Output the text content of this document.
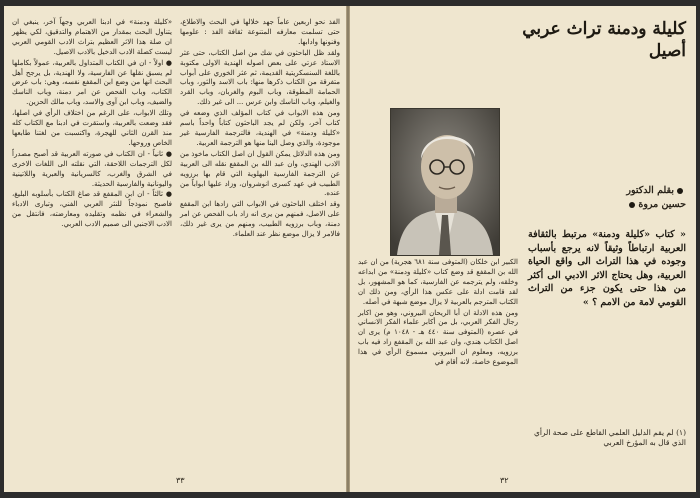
الفذ نحو اربعين عاماً جهد خلالها في البحث والاطلاع، حتى تسلمت معارفه المتنوعة ثقافة الفذ : علومها وفنونها وادابها.

ولقد ظل الباحثون في شك من اصل الكتاب، حتى عثر الاستاذ عزتي على بعض اصوله الهندية الاولى مكتوبة باللغة السنسكريتية القديمة، ثم عثر الخوري على أبواب متفرقة من الكتاب ذكرها منها: باب الاسد والثور، وباب الحمامة المطوقة، وباب البوم والغربان، وباب القرد والغيلم، وباب الناسك وابن عرس ... الى غير ذلك.

ومن هذه الابواب في كتاب المؤلف الذي وضعه في كتاب آخر، ولكن لم يجد الباحثون كتاباً واحداً باسم «كليلة ودمنة» في الهندية، فالترجمة الفارسية غير موجودة، والذي وصل الينا منها هو الترجمة العربية.

ومن هذه الدلائل يمكن القول ان اصل الكتاب ماخوذ من الادب الهندي، وان عبد الله بن المقفع نقله الى العربية عن الترجمة الفارسية البهلوية التي قام بها برزويه الطبيب في عهد كسرى انوشروان، وزاد عليها ابواباً من عنده.

وقد اختلف الباحثون في الابواب التي زادها ابن المقفع على الاصل، فمنهم من يرى انه زاد باب الفحص عن امر دمنة، وباب برزويه الطبيب، ومنهم من يرى غير ذلك، فالامر لا يزال موضع نظر عند العلماء.

«كليلة ودمنة» في ادبنا العربي وجهاً آخر، ينبغي ان يتناول البحث بمقدار من الاهتمام والتدقيق، لكي يظهر ان صلة هذا الاثر العظيم بتراث الادب القومي العربي ليست كصلة الادب الدخيل بالادب الاصيل.

● اولاً - ان في الكتاب المتداول بالعربية، عمولاً بكاملها لم يسبق نقلها عن الفارسية، ولا الهندية، بل يرجح أهل البحث انها من وضع ابن المقفع نفسه، وهي: باب عرض الكتاب، وباب الفحص عن امر دمنة، وباب الناسك والضيف، وباب ابن آوى والاسد، وباب مالك الحزين.

وتلك الابواب، على الرغم من اختلاف الرأي في اصلها، فقد وضعت بالعربية، واستقرت في ادبنا مع الكتاب كله منذ القرن الثاني للهجرة، واكتسبت من لغتنا طابعها الخاص وروحها.

● ثانياً - ان الكتاب في صورته العربية قد أصبح مصدراً لكل الترجمات اللاحقة، التي نقلته الى اللغات الاخرى في الشرق والغرب، كالسريانية والعبرية واللاتينية واليونانية والفارسية الحديثة.

● ثالثاً - ان ابن المقفع قد صاغ الكتاب بأسلوبه البليغ، فاصبح نموذجاً للنثر العربي الفني، وتبارى الادباء والشعراء في نظمه وتقليده ومعارضته، فانتقل من الادب الاجنبي الى صميم الادب العربي.

٣٣
كليلة ودمنة تراث عربي أصيل
بقلم الدكتور
حسين مروة
« كتاب «كليلة ودمنة» مرتبط بالثقافة العربية ارتباطاً وثيقاً لانه يرجع بأسباب وجوده في هذا التراث الى واقع الحياة العربية، وهل يحتاج الاثر الادبي الى أكثر من هذا حتى يكون جزء من التراث القومي لامة من الامم ؟ »

الكبير ابن خلكان (المتوفى سنة ٦٨١ هجرية) من ان عبد الله بن المقفع قد وضع كتاب «كليلة ودمنة» من ابداعه وخلقه، ولم يترجمه عن الفارسية، كما هو المشهور، بل لقد قامت ادلة على عكس هذا الرأي، ومن ذلك ان الكتاب المترجم بالعربية لا يزال موضع شبهة في أصله.

ومن هذه الادلة ان أبا الريحان البيروني، وهو من اكابر رجال الفكر العربي، بل من أكابر علماء الفكر الانساني في عصره (المتوفى سنة ٤٤٠ هـ - ١٠٤٨ م) يرى ان اصل الكتاب هندي، وان عبد الله بن المقفع زاد فيه باب برزويه، ومعلوم ان البيروني مسموع الرأي في هذا الموضوع خاصة، لانه أقام في

(١) لم يقم الدليل العلمي القاطع على صحة الرأي الذي قال به المؤرخ العربي
٣٢
